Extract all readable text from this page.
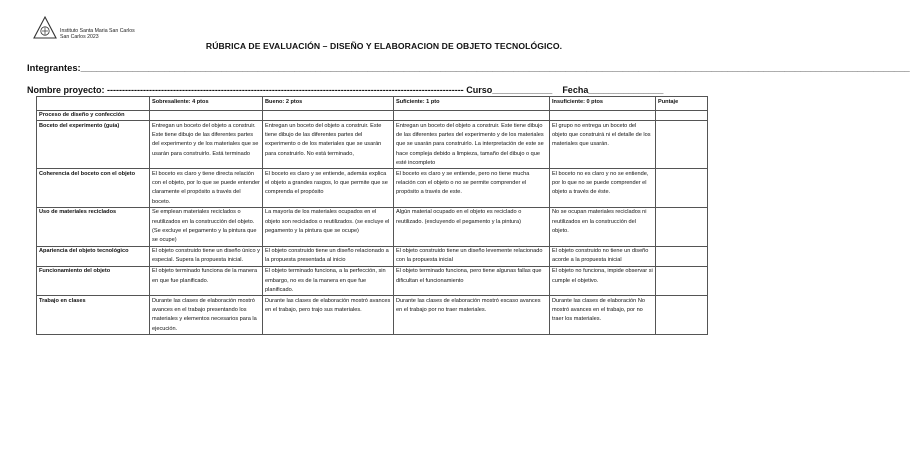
Instituto Santa Maria San Carlos
San Carlos 2023
RÚBRICA DE EVALUACIÓN – DISEÑO Y ELABORACION DE OBJETO TECNOLÓGICO.
Integrantes:_______________________________________________________________________________________________________________________________________________________________
Nombre proyecto: ----------------------------------------------------------------------------------------------------------------------- Curso____________ Fecha_______________
	Sobresaliente: 4 ptos	Bueno: 2 ptos	Suficiente: 1 pto	Insuficiente: 0 ptos	Puntaje
Proceso de diseño y confección					
Boceto del experimento (guía)	Entregan un boceto del objeto a construir. Este tiene dibujo de las diferentes partes del experimento y de los materiales que se usarán para construirlo. Está terminado	Entregan un boceto del objeto a construir. Este tiene dibujo de las diferentes partes del experimento o de los materiales que se usarán para construirlo. No está terminado,	Entregan un boceto del objeto a construir. Este tiene dibujo de las diferentes partes del experimento y de los materiales que se usarán para construirlo. La interpretación de este se hace compleja debido a limpieza, tamaño del dibujo o que esté incompleto	El grupo no entrega un boceto del objeto que construirá ni el detalle de los materiales que usarán.	
Coherencia del boceto con el objeto	El boceto es claro y tiene directa relación con el objeto, por lo que se puede entender claramente el propósito a través del boceto.	El boceto es claro y se entiende, además explica el objeto a grandes rasgos, lo que permite que se comprenda el propósito	El boceto es claro y se entiende, pero no tiene mucha relación con el objeto o no se permite comprender el propósito a través de este.	El boceto no es claro y no se entiende, por lo que no se puede comprender el objeto a través de éste.	
Uso de materiales reciclados	Se emplean materiales reciclados o reutilizados en la construcción del objeto. (Se excluye el pegamento y la pintura que se ocupe)	La mayoría de los materiales ocupados en el objeto son reciclados o reutilizados. (se excluye el pegamento y la pintura que se ocupe)	Algún material ocupado en el objeto es reciclado o reutilizado. (excluyendo el pegamento y la pintura)	No se ocupan materiales reciclados ni reutilizados en la construcción del objeto.	
Apariencia del objeto tecnológico	El objeto construido tiene un diseño único y especial. Supera la propuesta inicial.	El objeto construido tiene un diseño relacionado a la propuesta presentada al inicio	El objeto construido tiene un diseño levemente relacionado con la propuesta inicial	El objeto construido no tiene un diseño acorde a la propuesta inicial	
Funcionamiento del objeto	El objeto terminado funciona de la manera en que fue planificado.	El objeto terminado funciona, a la perfección, sin embargo, no es de la manera en que fue planificado.	El objeto terminado funciona, pero tiene algunas fallas que dificultan el funcionamiento	El objeto no funciona, impide observar si cumple el objetivo.	
Trabajo en clases	Durante las clases de elaboración mostró avances en el trabajo presentando los materiales y elementos necesarios para la ejecución.	Durante las clases de elaboración mostró avances en el trabajo, pero trajo sus materiales.	Durante las clases de elaboración mostró escaso avances en el trabajo por no traer materiales.	Durante las clases de elaboración No mostró avances en el trabajo, por no traer los materiales.	
